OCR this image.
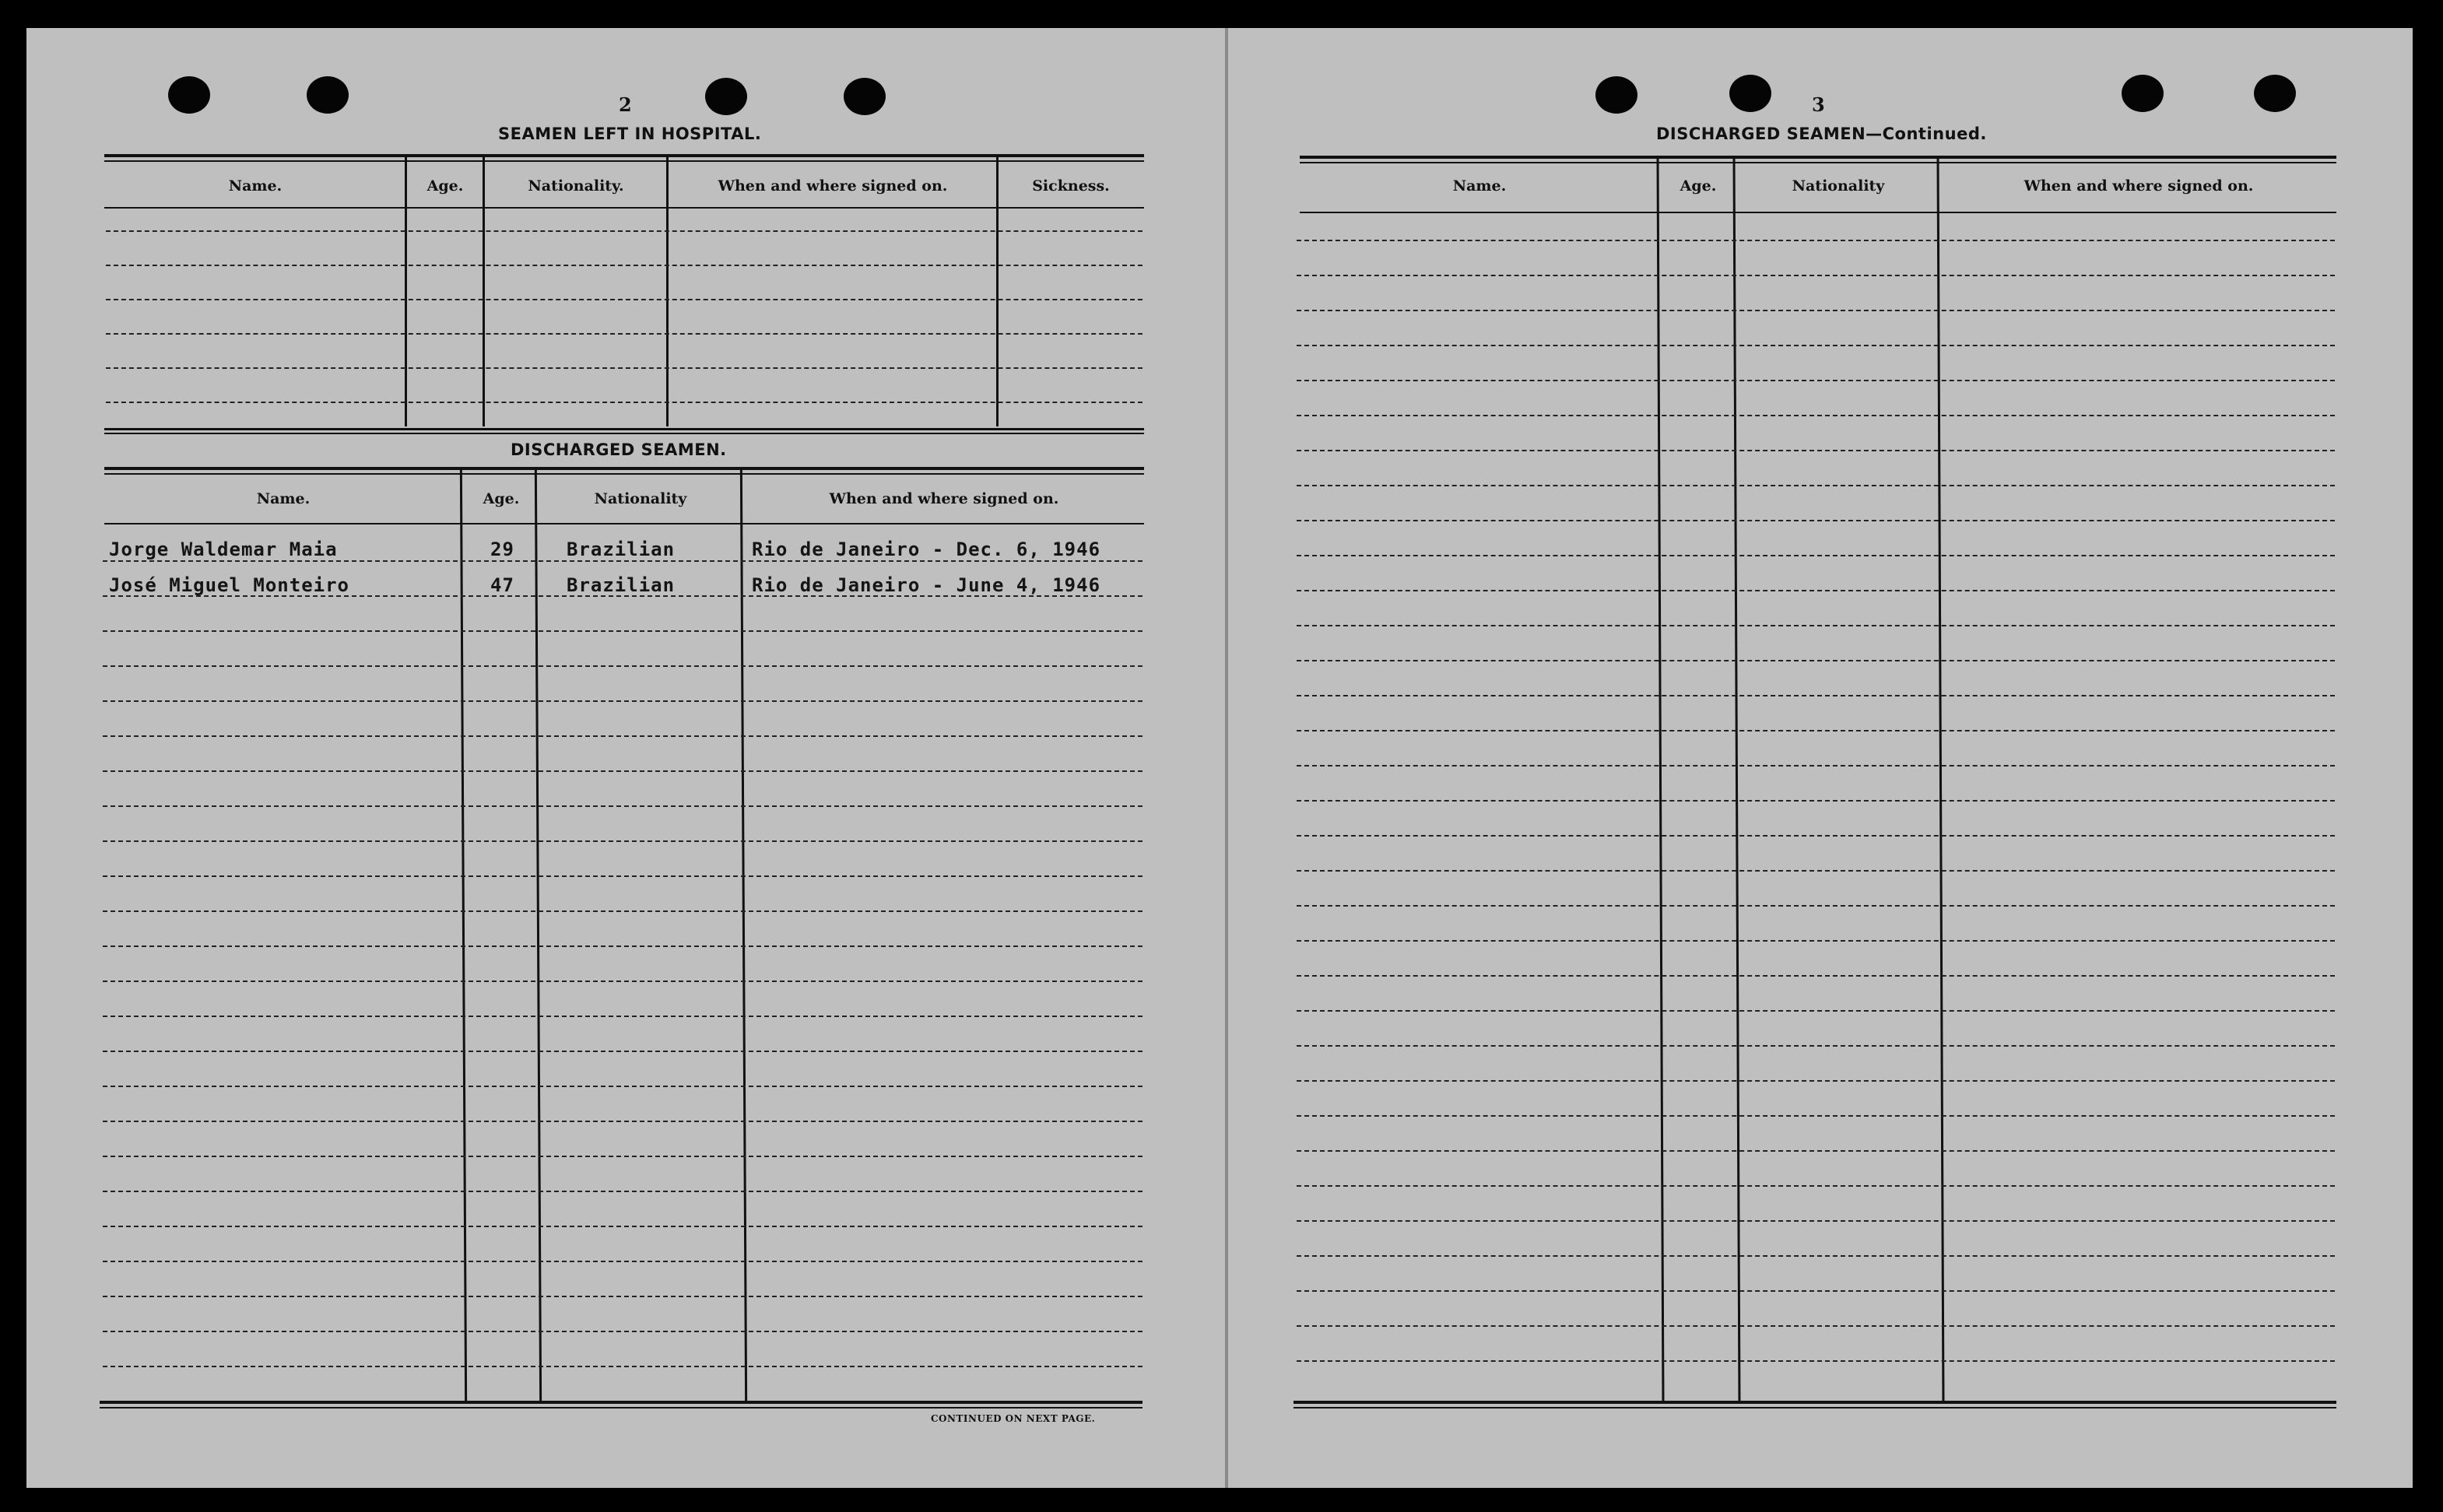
2
SEAMEN LEFT IN HOSPITAL.
Name.	Age.	Nationality.	When and where signed on.	Sickness.
DISCHARGED SEAMEN.
Name.	Age.	Nationality	When and where signed on.
Jorge Waldemar Maia	29	Brazilian	Rio de Janeiro - Dec. 6, 1946
José Miguel Monteiro	47	Brazilian	Rio de Janeiro - June 4, 1946
CONTINUED ON NEXT PAGE.
3
DISCHARGED SEAMEN—Continued.
Name.	Age.	Nationality	When and where signed on.
